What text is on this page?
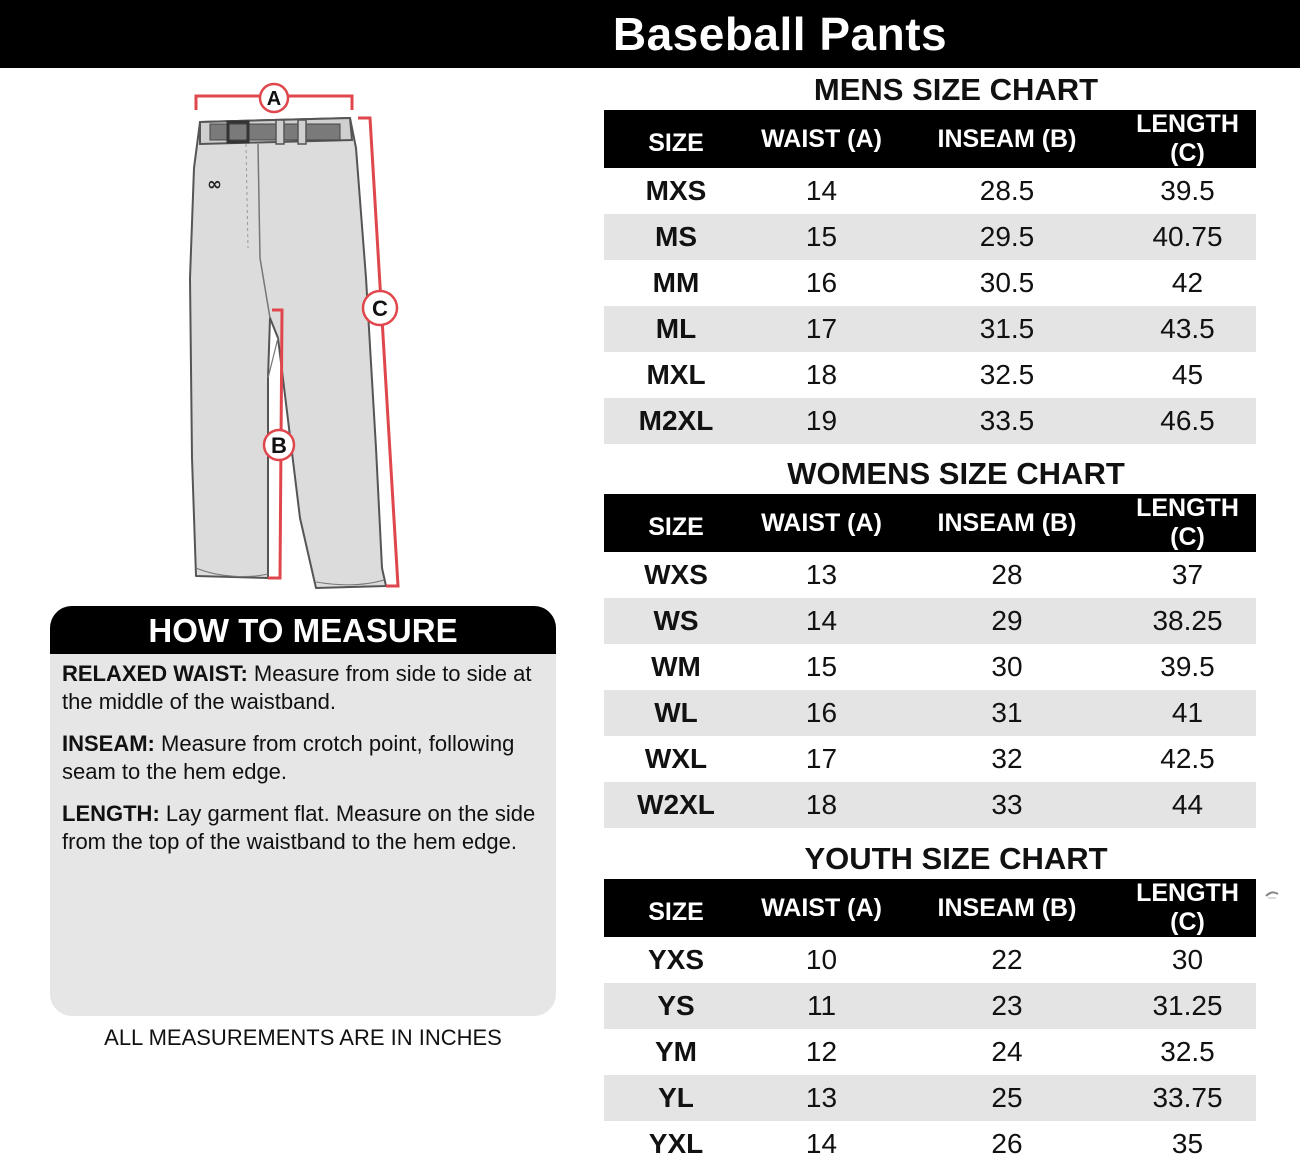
Baseball Pants
MENS SIZE CHART
SIZE	WAIST (A)	INSEAM (B)	LENGTH (C)
MXS	14	28.5	39.5
MS	15	29.5	40.75
MM	16	30.5	42
ML	17	31.5	43.5
MXL	18	32.5	45
M2XL	19	33.5	46.5
WOMENS SIZE CHART
SIZE	WAIST (A)	INSEAM (B)	LENGTH (C)
WXS	13	28	37
WS	14	29	38.25
WM	15	30	39.5
WL	16	31	41
WXL	17	32	42.5
W2XL	18	33	44
YOUTH SIZE CHART
SIZE	WAIST (A)	INSEAM (B)	LENGTH (C)
YXS	10	22	30
YS	11	23	31.25
YM	12	24	32.5
YL	13	25	33.75
YXL	14	26	35
∞
A
C
B
HOW TO MEASURE
RELAXED WAIST: Measure from side to side at the middle of the waistband.
INSEAM: Measure from crotch point, following seam to the hem edge.
LENGTH: Lay garment flat. Measure on the side from the top of the waistband to the hem edge.
ALL MEASUREMENTS ARE IN INCHES
